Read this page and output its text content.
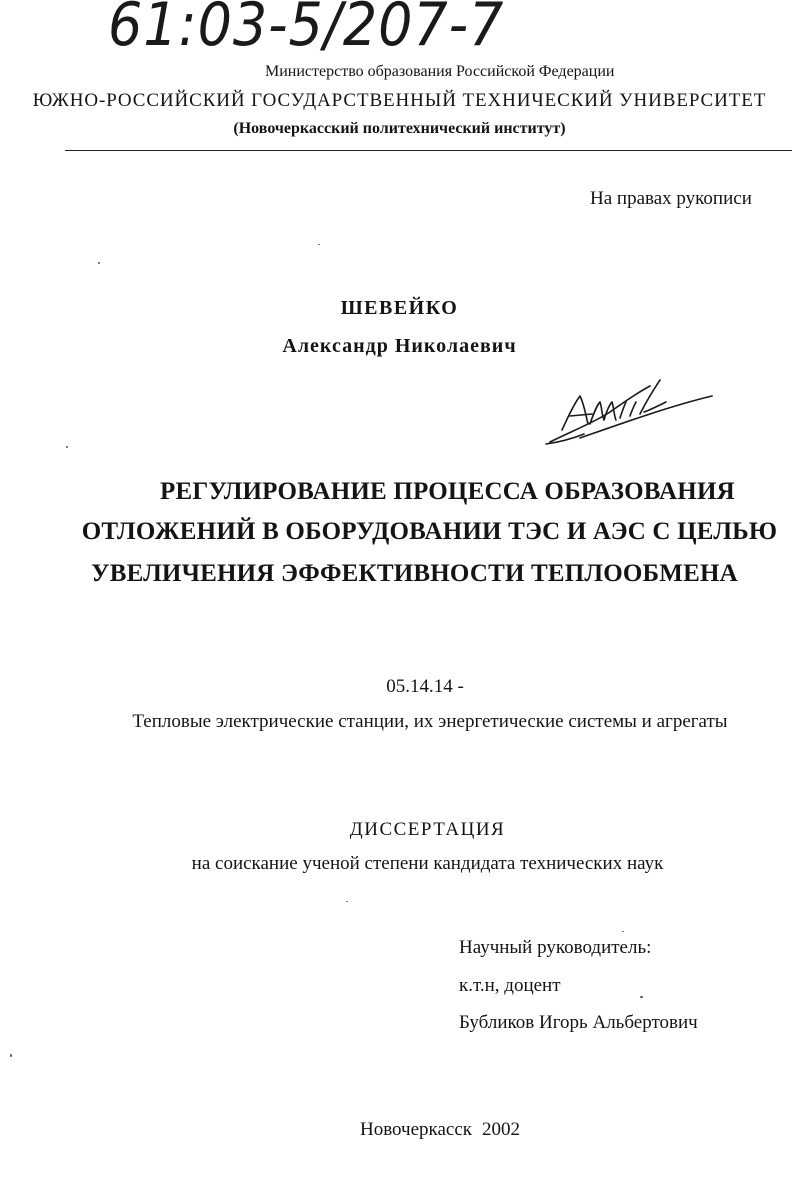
61:03-5/207-7
Министерство образования Российской Федерации
ЮЖНО-РОССИЙСКИЙ ГОСУДАРСТВЕННЫЙ ТЕХНИЧЕСКИЙ УНИВЕРСИТЕТ
(Новочеркасский политехнический институт)
На правах рукописи
ШЕВЕЙКО
Александр Николаевич
РЕГУЛИРОВАНИЕ ПРОЦЕССА ОБРАЗОВАНИЯ
ОТЛОЖЕНИЙ В ОБОРУДОВАНИИ ТЭС И АЭС С ЦЕЛЬЮ
УВЕЛИЧЕНИЯ ЭФФЕКТИВНОСТИ ТЕПЛООБМЕНА
05.14.14 -
Тепловые электрические станции, их энергетические системы и агрегаты
ДИССЕРТАЦИЯ
на соискание ученой степени кандидата технических наук
Научный руководитель:
к.т.н, доцент
Бубликов Игорь Альбертович
Новочеркасск 2002
